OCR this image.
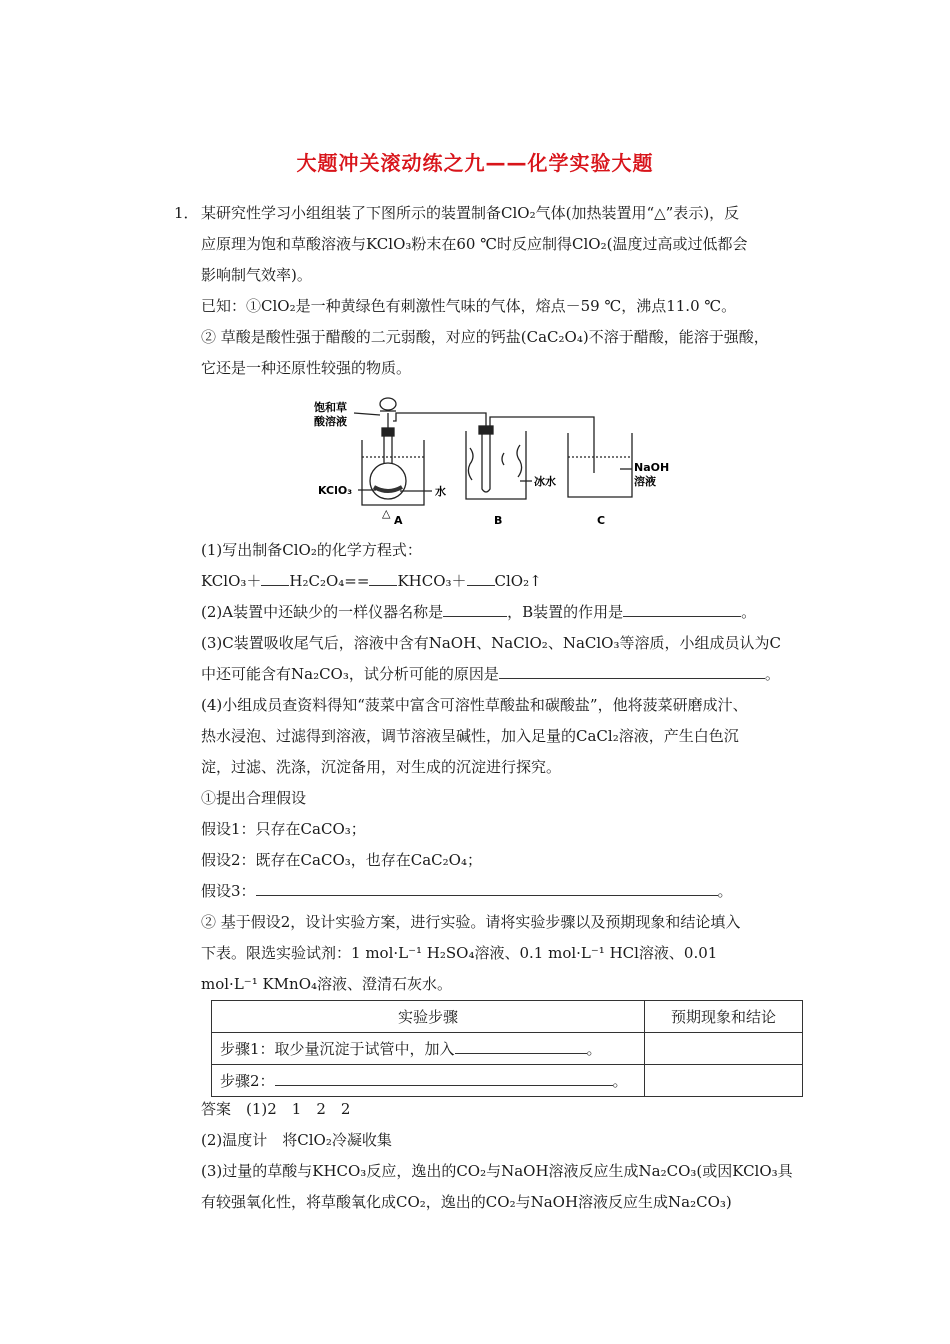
大题冲关滚动练之九——化学实验大题
1． 某研究性学习小组组装了下图所示的装置制备ClO₂气体(加热装置用“△”表示)，反
应原理为饱和草酸溶液与KClO₃粉末在60 ℃时反应制得ClO₂(温度过高或过低都会
影响制气效率)。
已知：①ClO₂是一种黄绿色有刺激性气味的气体，熔点－59 ℃，沸点11.0 ℃。
② 草酸是酸性强于醋酸的二元弱酸，对应的钙盐(CaC₂O₄)不溶于醋酸，能溶于强酸，
它还是一种还原性较强的物质。
饱和草
酸溶液
KClO₃	水
△
冰水
NaOH
溶液
A	B	C
(1)写出制备ClO₂的化学方程式：
KClO₃＋ H₂C₂O₄== KHCO₃＋ ClO₂↑
(2)A装置中还缺少的一样仪器名称是	，B装置的作用是	。
(3)C装置吸收尾气后，溶液中含有NaOH、NaClO₂、NaClO₃等溶质，小组成员认为C
中还可能含有Na₂CO₃，试分析可能的原因是	。
(4)小组成员查资料得知“菠菜中富含可溶性草酸盐和碳酸盐”，他将菠菜研磨成汁、
热水浸泡、过滤得到溶液，调节溶液呈碱性，加入足量的CaCl₂溶液，产生白色沉
淀，过滤、洗涤，沉淀备用，对生成的沉淀进行探究。
①提出合理假设
假设1：只存在CaCO₃；
假设2：既存在CaCO₃，也存在CaC₂O₄；
假设3：	。
② 基于假设2，设计实验方案，进行实验。请将实验步骤以及预期现象和结论填入
下表。限选实验试剂：1 mol·L⁻¹ H₂SO₄溶液、0.1 mol·L⁻¹ HCl溶液、0.01
mol·L⁻¹ KMnO₄溶液、澄清石灰水。
实验步骤	预期现象和结论
步骤1：取少量沉淀于试管中，加入 。	
步骤2： 。	
答案　(1)2　1　2　2
(2)温度计　将ClO₂冷凝收集
(3)过量的草酸与KHCO₃反应，逸出的CO₂与NaOH溶液反应生成Na₂CO₃(或因KClO₃具
有较强氧化性，将草酸氧化成CO₂，逸出的CO₂与NaOH溶液反应生成Na₂CO₃)
